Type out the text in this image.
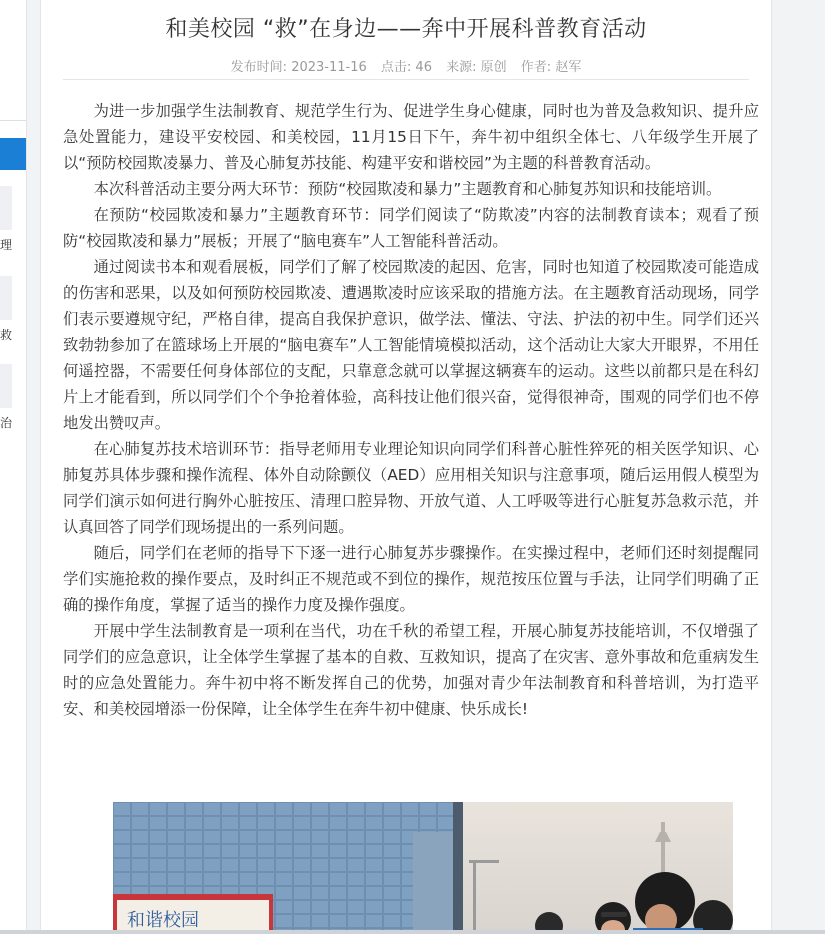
理
救
治
和美校园 “救”在身边——奔中开展科普教育活动
发布时间: 2023-11-16 点击: 46 来源: 原创 作者: 赵军

为进一步加强学生法制教育、规范学生行为、促进学生身心健康，同时也为普及急救知识、提升应急处置能力，建设平安校园、和美校园，11月15日下午，奔牛初中组织全体七、八年级学生开展了以“预防校园欺凌暴力、普及心肺复苏技能、构建平安和谐校园”为主题的科普教育活动。

本次科普活动主要分两大环节：预防“校园欺凌和暴力”主题教育和心肺复苏知识和技能培训。

在预防“校园欺凌和暴力”主题教育环节：同学们阅读了“防欺凌”内容的法制教育读本；观看了预防“校园欺凌和暴力”展板；开展了“脑电赛车”人工智能科普活动。

通过阅读书本和观看展板，同学们了解了校园欺凌的起因、危害，同时也知道了校园欺凌可能造成的伤害和恶果，以及如何预防校园欺凌、遭遇欺凌时应该采取的措施方法。在主题教育活动现场，同学们表示要遵规守纪，严格自律，提高自我保护意识，做学法、懂法、守法、护法的初中生。同学们还兴致勃勃参加了在篮球场上开展的“脑电赛车”人工智能情境模拟活动，这个活动让大家大开眼界，不用任何遥控器，不需要任何身体部位的支配，只靠意念就可以掌握这辆赛车的运动。这些以前都只是在科幻片上才能看到，所以同学们个个争抢着体验，高科技让他们很兴奋，觉得很神奇，围观的同学们也不停地发出赞叹声。

在心肺复苏技术培训环节：指导老师用专业理论知识向同学们科普心脏性猝死的相关医学知识、心肺复苏具体步骤和操作流程、体外自动除颤仪（AED）应用相关知识与注意事项，随后运用假人模型为同学们演示如何进行胸外心脏按压、清理口腔异物、开放气道、人工呼吸等进行心脏复苏急救示范，并认真回答了同学们现场提出的一系列问题。

随后，同学们在老师的指导下下逐一进行心肺复苏步骤操作。在实操过程中，老师们还时刻提醒同学们实施抢救的操作要点，及时纠正不规范或不到位的操作，规范按压位置与手法，让同学们明确了正确的操作角度，掌握了适当的操作力度及操作强度。

开展中学生法制教育是一项利在当代，功在千秋的希望工程，开展心肺复苏技能培训，不仅增强了同学们的应急意识，让全体学生掌握了基本的自救、互救知识，提高了在灾害、意外事故和危重病发生时的应急处置能力。奔牛初中将不断发挥自己的优势，加强对青少年法制教育和科普培训，为打造平安、和美校园增添一份保障，让全体学生在奔牛初中健康、快乐成长!

和谐校园
